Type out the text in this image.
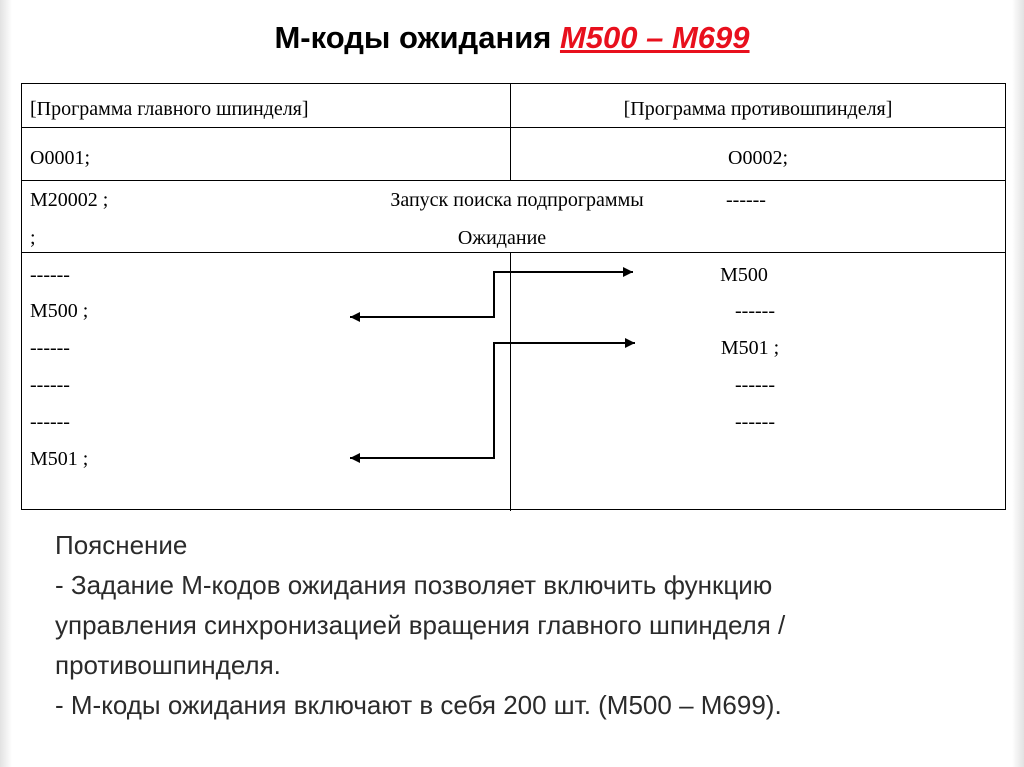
М-коды ожидания M500 – M699
[Программа главного шпинделя]	[Программа противошпинделя]
O0001;	O0002;
M20002 ;
;
Запуск поиска подпрограммы
Ожидание
------
------
M500 ;
------
------
------
M501 ;
M500
------
M501 ;
------
------

Пояснение

- Задание М-кодов ожидания позволяет включить функцию

управления синхронизацией вращения главного шпинделя /

противошпинделя.

- М-коды ожидания включают в себя 200 шт. (M500 – M699).
